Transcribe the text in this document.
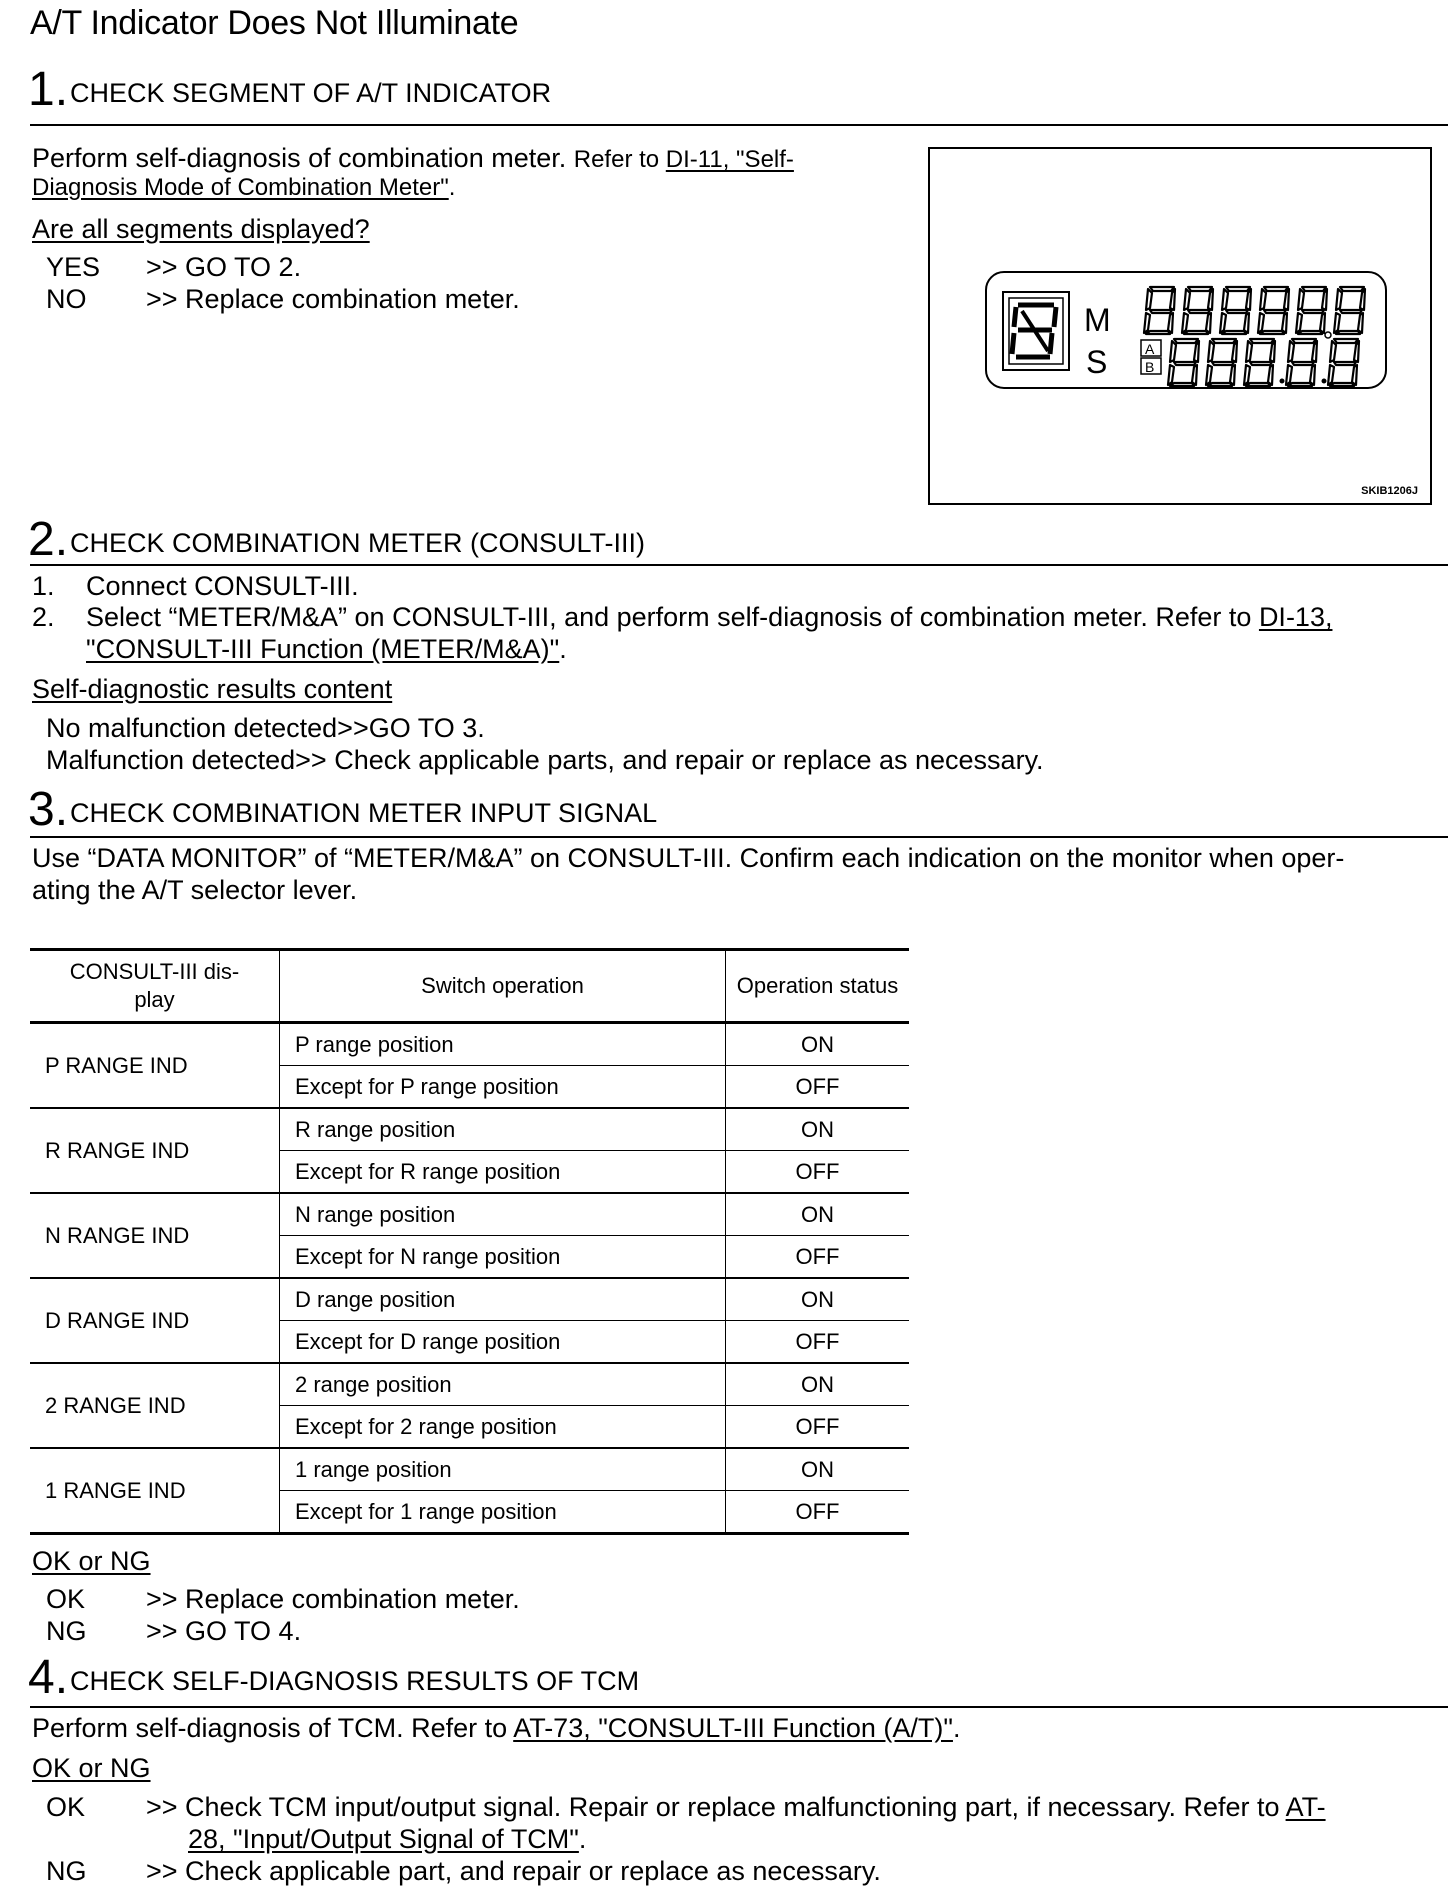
A/T Indicator Does Not Illuminate
1.CHECK SEGMENT OF A/T INDICATOR
Perform self-diagnosis of combination meter. Refer to DI-11, "Self-
Diagnosis Mode of Combination Meter".
Are all segments displayed?
YES >> GO TO 2.
NO >> Replace combination meter.
M
S	A
B
SKIB1206J
2.CHECK COMBINATION METER (CONSULT-III)
1. Connect CONSULT-III.
2. Select “METER/M&A” on CONSULT-III, and perform self-diagnosis of combination meter. Refer to DI-13,
"CONSULT-III Function (METER/M&A)".
Self-diagnostic results content
No malfunction detected>>GO TO 3.
Malfunction detected>> Check applicable parts, and repair or replace as necessary.
3.CHECK COMBINATION METER INPUT SIGNAL
Use “DATA MONITOR” of “METER/M&A” on CONSULT-III. Confirm each indication on the monitor when oper-
ating the A/T selector lever.
CONSULT-III dis-
play	Switch operation	Operation status
P RANGE IND	P range position	ON
	Except for P range position	OFF
R RANGE IND	R range position	ON
	Except for R range position	OFF
N RANGE IND	N range position	ON
	Except for N range position	OFF
D RANGE IND	D range position	ON
	Except for D range position	OFF
2 RANGE IND	2 range position	ON
	Except for 2 range position	OFF
1 RANGE IND	1 range position	ON
	Except for 1 range position	OFF
OK or NG
OK >> Replace combination meter.
NG >> GO TO 4.
4.CHECK SELF-DIAGNOSIS RESULTS OF TCM
Perform self-diagnosis of TCM. Refer to AT-73, "CONSULT-III Function (A/T)".
OK or NG
OK >> Check TCM input/output signal. Repair or replace malfunctioning part, if necessary. Refer to AT-
28, "Input/Output Signal of TCM".
NG >> Check applicable part, and repair or replace as necessary.
